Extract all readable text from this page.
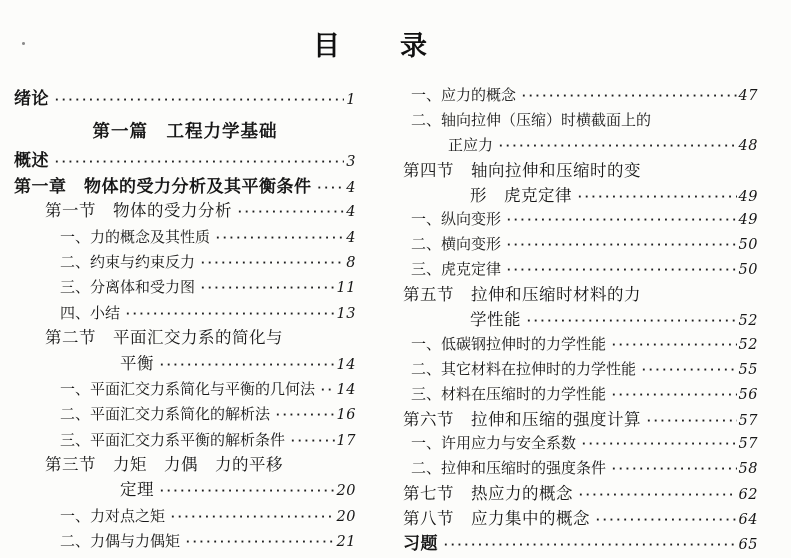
目　　录
绪论 ·····	1
第一篇　工程力学基础
概述 ·····	3
第一章　物体的受力分析及其平衡条件 ····· 4
第一节　物体的受力分析 ·····	4
一、力的概念及其性质 ·····	4
二、约束与约束反力 ·····	8
三、分离体和受力图 ·····	11
四、小结 ·····	13
第二节　平面汇交力系的简化与
平衡 ·····	14
一、平面汇交力系简化与平衡的几何法 ····· 14
二、平面汇交力系简化的解析法 ·····	16
三、平面汇交力系平衡的解析条件 ·····	17
第三节　力矩　力偶　力的平移
定理 ·····	20
一、力对点之矩 ·····	20
二、力偶与力偶矩 ·····	21
一、应力的概念 ·····	47
二、轴向拉伸（压缩）时横截面上的
正应力 ·····	48
第四节　轴向拉伸和压缩时的变
形　虎克定律 ·····	49
一、纵向变形 ·····	49
二、横向变形 ·····	50
三、虎克定律 ·····	50
第五节　拉伸和压缩时材料的力
学性能 ·····	52
一、低碳钢拉伸时的力学性能 ·····	52
二、其它材料在拉伸时的力学性能 ·····	55
三、材料在压缩时的力学性能 ·····	56
第六节　拉伸和压缩的强度计算 ·····	57
一、许用应力与安全系数 ·····	57
二、拉伸和压缩时的强度条件 ·····	58
第七节　热应力的概念 ·····	62
第八节　应力集中的概念 ·····	64
习题 ·····	65
